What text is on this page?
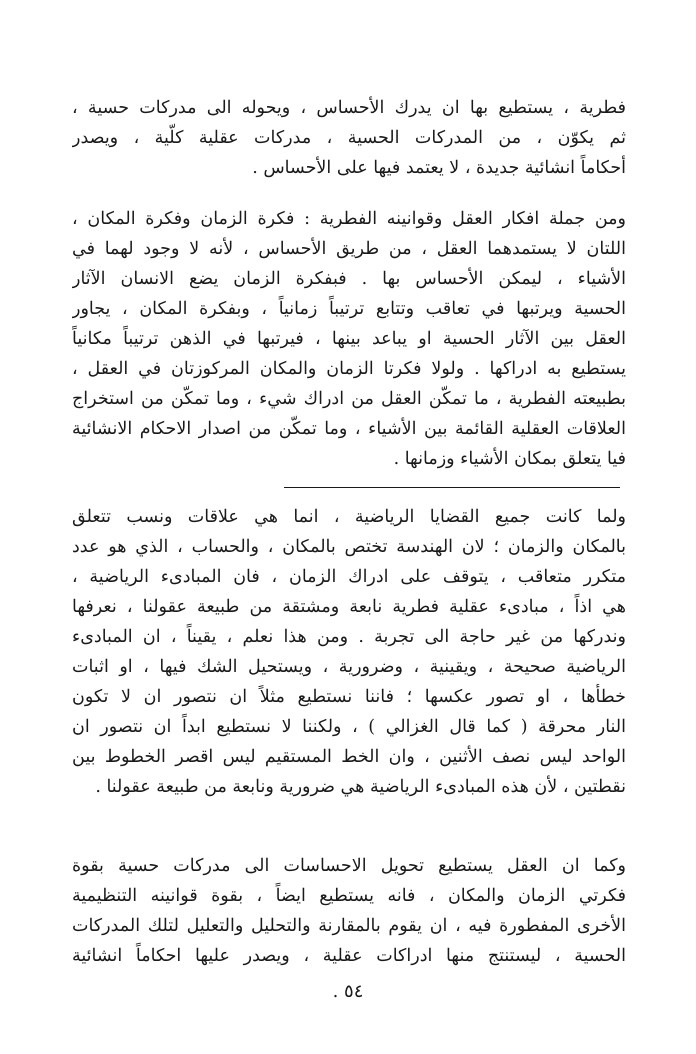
فطرية ، يستطيع بها ان يدرك الأحساس ، ويحوله الى مدركات حسية ،
ثم يكوّن ، من المدركات الحسية ، مدركات عقلية كلّية ، ويصدر
أحكاماً انشائية جديدة ، لا يعتمد فيها على الأحساس .
ومن جملة افكار العقل وقوانينه الفطرية : فكرة الزمان وفكرة المكان ،
اللتان لا يستمدهما العقل ، من طريق الأحساس ، لأنه لا وجود لهما في
الأشياء ، ليمكن الأحساس بها . فبفكرة الزمان يضع الانسان الآثار
الحسية ويرتبها في تعاقب وتتابع ترتيباً زمانياً ، وبفكرة المكان ، يجاور
العقل بين الآثار الحسية او يباعد بينها ، فيرتبها في الذهن ترتيباً مكانياً
يستطيع به ادراكها . ولولا فكرتا الزمان والمكان المركوزتان في العقل ،
بطبيعته الفطرية ، ما تمكّن العقل من ادراك شيء ، وما تمكّن من استخراج
العلاقات العقلية القائمة بين الأشياء ، وما تمكّن من اصدار الاحكام الانشائية
فيا يتعلق بمكان الأشياء وزمانها .
ولما كانت جميع القضايا الرياضية ، انما هي علاقات ونسب تتعلق
بالمكان والزمان ؛ لان الهندسة تختص بالمكان ، والحساب ، الذي هو عدد
متكرر متعاقب ، يتوقف على ادراك الزمان ، فان المبادىء الرياضية ،
هي اذاً ، مبادىء عقلية فطرية نابعة ومشتقة من طبيعة عقولنا ، نعرفها
وندركها من غير حاجة الى تجربة . ومن هذا نعلم ، يقيناً ، ان المبادىء
الرياضية صحيحة ، ويقينية ، وضرورية ، ويستحيل الشك فيها ، او اثبات
خطأها ، او تصور عكسها ؛ فاننا نستطيع مثلاً ان نتصور ان لا تكون
النار محرقة ( كما قال الغزالي ) ، ولكننا لا نستطيع ابداً ان نتصور ان
الواحد ليس نصف الأثنين ، وان الخط المستقيم ليس اقصر الخطوط بين
نقطتين ، لأن هذه المبادىء الرياضية هي ضرورية ونابعة من طبيعة عقولنا .
وكما ان العقل يستطيع تحويل الاحساسات الى مدركات حسية بقوة
فكرتي الزمان والمكان ، فانه يستطيع ايضاً ، بقوة قوانينه التنظيمية
الأخرى المفطورة فيه ، ان يقوم بالمقارنة والتحليل والتعليل لتلك المدركات
الحسية ، ليستنتج منها ادراكات عقلية ، ويصدر عليها احكاماً انشائية
٥٤ .
